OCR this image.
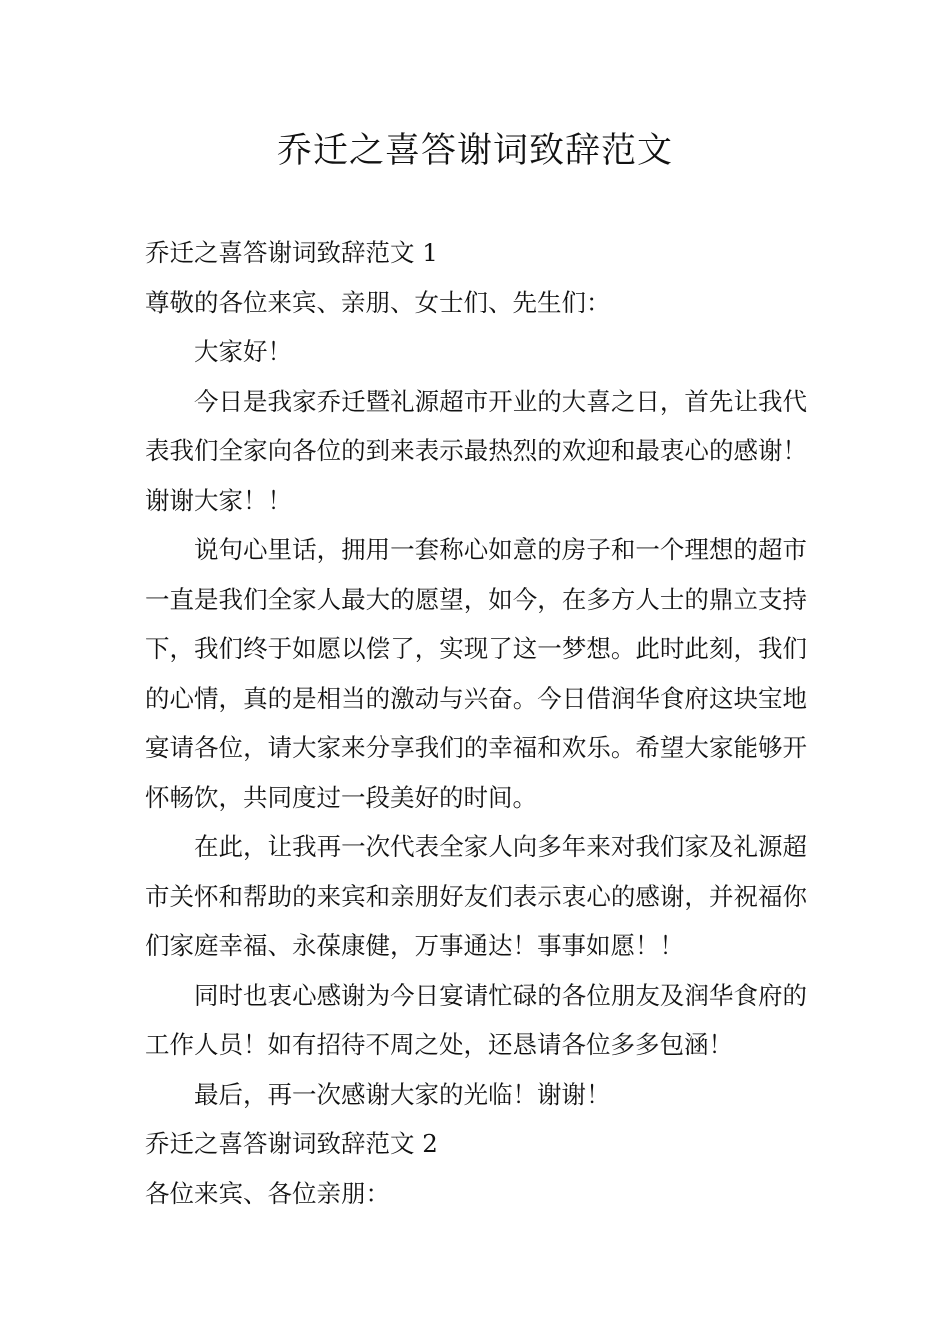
乔迁之喜答谢词致辞范文

乔迁之喜答谢词致辞范文 1

尊敬的各位来宾、亲朋、女士们、先生们：

大家好！

今日是我家乔迁暨礼源超市开业的大喜之日，首先让我代表我们全家向各位的到来表示最热烈的欢迎和最衷心的感谢！谢谢大家！！

说句心里话，拥用一套称心如意的房子和一个理想的超市一直是我们全家人最大的愿望，如今，在多方人士的鼎立支持下，我们终于如愿以偿了，实现了这一梦想。此时此刻，我们的心情，真的是相当的激动与兴奋。今日借润华食府这块宝地宴请各位，请大家来分享我们的幸福和欢乐。希望大家能够开怀畅饮，共同度过一段美好的时间。

在此，让我再一次代表全家人向多年来对我们家及礼源超市关怀和帮助的来宾和亲朋好友们表示衷心的感谢，并祝福你们家庭幸福、永葆康健，万事通达！事事如愿！！

同时也衷心感谢为今日宴请忙碌的各位朋友及润华食府的工作人员！如有招待不周之处，还恳请各位多多包涵！

最后，再一次感谢大家的光临！谢谢！

乔迁之喜答谢词致辞范文 2

各位来宾、各位亲朋：
